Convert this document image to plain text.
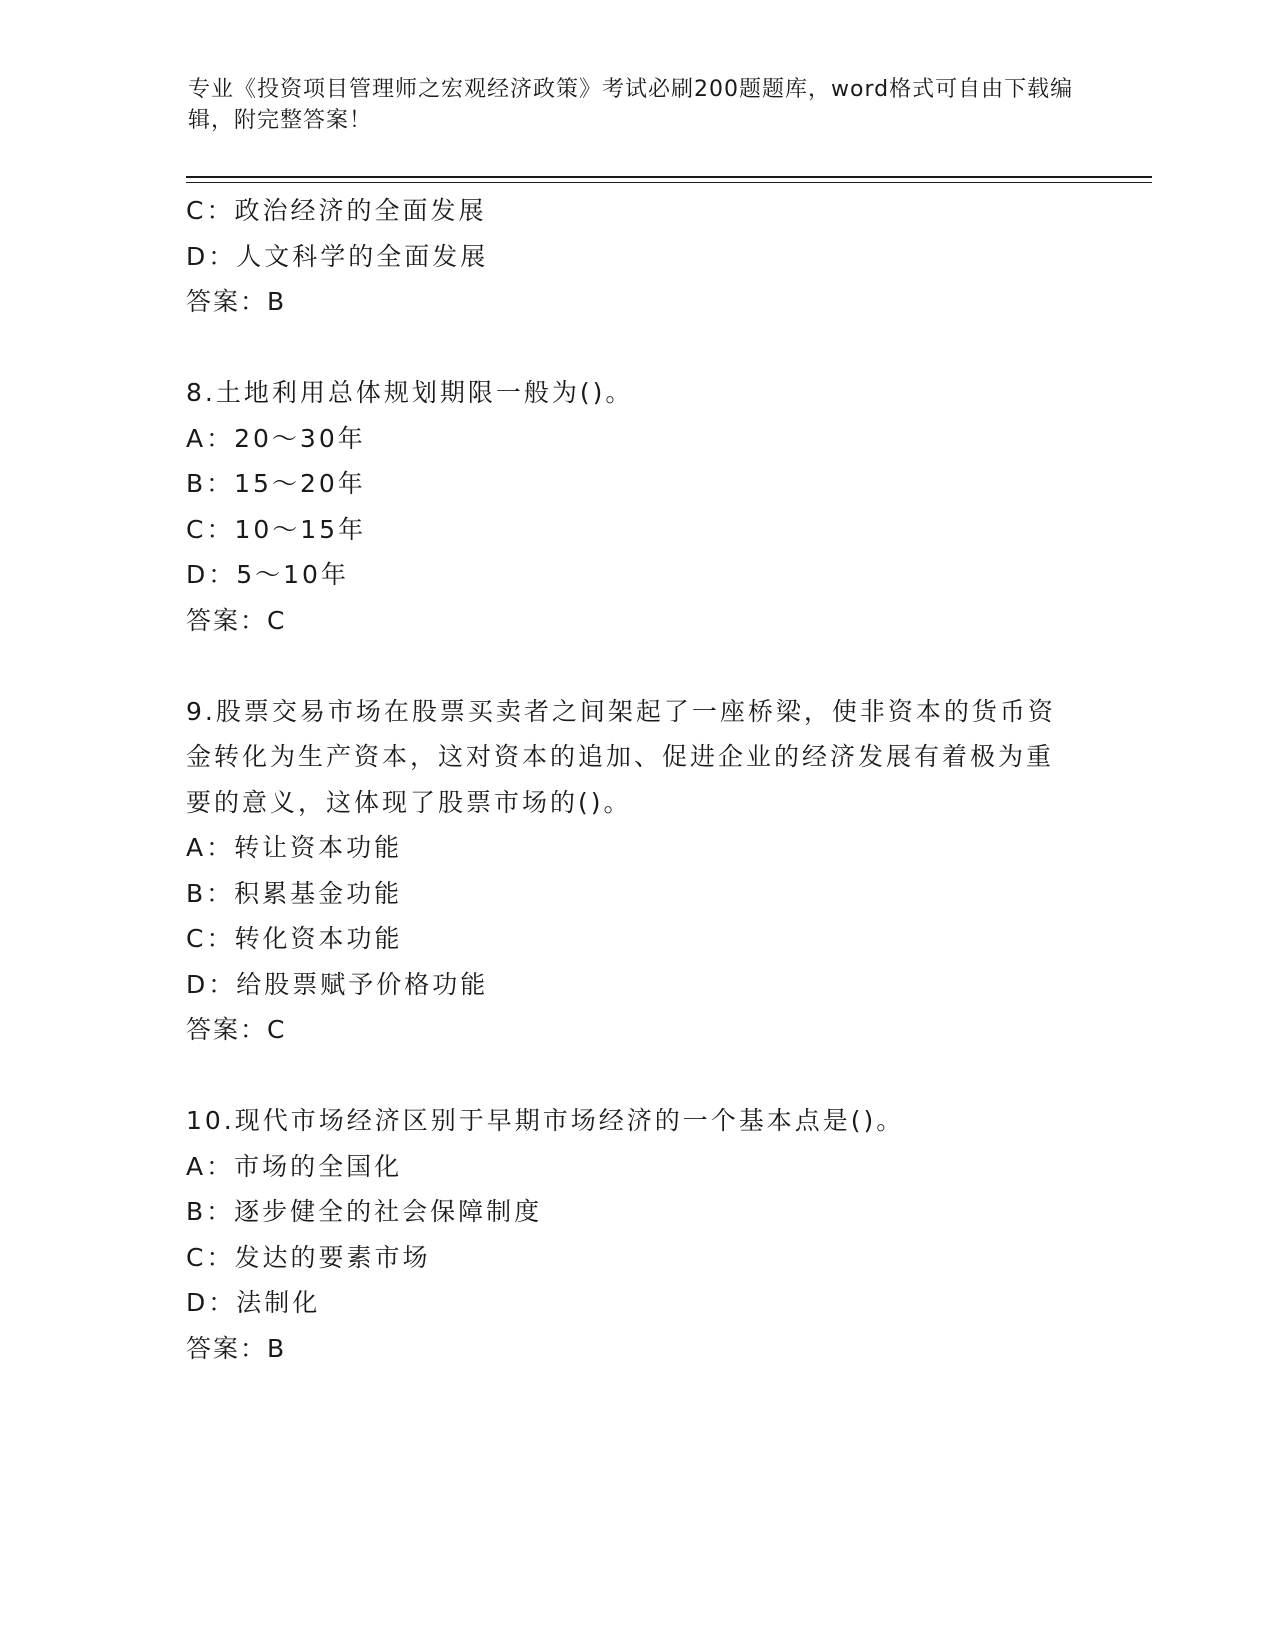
专业《投资项目管理师之宏观经济政策》考试必刷200题题库，word格式可自由下载编辑，附完整答案！
C：政治经济的全面发展
D：人文科学的全面发展
答案：B
8.土地利用总体规划期限一般为()。
A：20～30年
B：15～20年
C：10～15年
D：5～10年
答案：C
9.股票交易市场在股票买卖者之间架起了一座桥梁，使非资本的货币资金转化为生产资本，这对资本的追加、促进企业的经济发展有着极为重要的意义，这体现了股票市场的()。
A：转让资本功能
B：积累基金功能
C：转化资本功能
D：给股票赋予价格功能
答案：C
10.现代市场经济区别于早期市场经济的一个基本点是()。
A：市场的全国化
B：逐步健全的社会保障制度
C：发达的要素市场
D：法制化
答案：B
